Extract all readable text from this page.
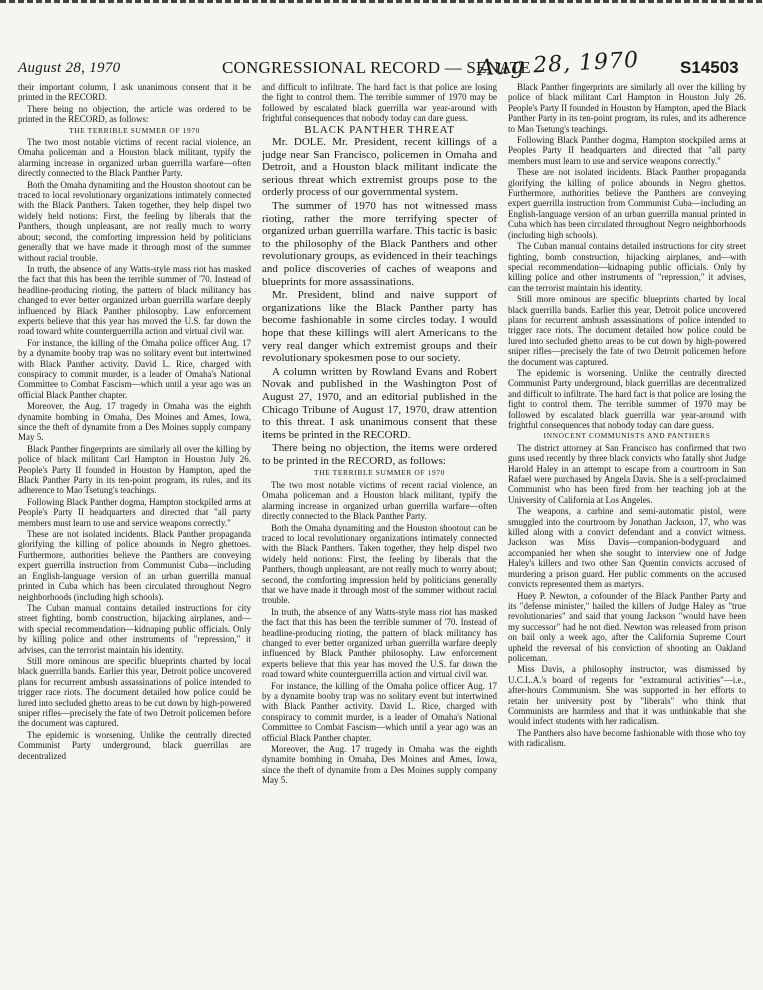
August 28, 1970	CONGRESSIONAL RECORD — SENATE
Aug 28, 1970 S14503

their important column, I ask unanimous consent that it be printed in the RECORD.

There being no objection, the article was ordered to be printed in the RECORD, as follows:

THE TERRIBLE SUMMER OF 1970

The two most notable victims of recent racial violence, an Omaha policeman and a Houston black militant, typify the alarming increase in organized urban guerrilla warfare—often directly connected to the Black Panther Party.

Both the Omaha dynamiting and the Houston shootout can be traced to local revolutionary organizations intimately connected with the Black Panthers. Taken together, they help dispel two widely held notions: First, the feeling by liberals that the Panthers, though unpleasant, are not really much to worry about; second, the comforting impression held by politicians generally that we have made it through most of the summer without racial trouble.

In truth, the absence of any Watts-style mass riot has masked the fact that this has been the terrible summer of '70. Instead of headline-producing rioting, the pattern of black militancy has changed to ever better organized urban guerrilla warfare deeply influenced by Black Panther philosophy. Law enforcement experts believe that this year has moved the U.S. far down the road toward white counterguerrilla action and virtual civil war.

For instance, the killing of the Omaha police officer Aug. 17 by a dynamite booby trap was no solitary event but intertwined with Black Panther activity. David L. Rice, charged with conspiracy to commit murder, is a leader of Omaha's National Committee to Combat Fascism—which until a year ago was an official Black Panther chapter.

Moreover, the Aug. 17 tragedy in Omaha was the eighth dynamite bombing in Omaha, Des Moines and Ames, Iowa, since the theft of dynamite from a Des Moines supply company May 5.

Black Panther fingerprints are similarly all over the killing by police of black militant Carl Hampton in Houston July 26. People's Party II founded in Houston by Hampton, aped the Black Panther Party in its ten-point program, its rules, and its adherence to Mao Tsetung's teachings.

Following Black Panther dogma, Hampton stockpiled arms at People's Party II headquarters and directed that "all party members must learn to use and service weapons correctly."

These are not isolated incidents. Black Panther propaganda glorifying the killing of police abounds in Negro ghettoes. Furthermore, authorities believe the Panthers are conveying expert guerrilla instruction from Communist Cuba—including an English-language version of an urban guerrilla manual printed in Cuba which has been circulated throughout Negro neighborhoods (including high schools).

The Cuban manual contains detailed instructions for city street fighting, bomb construction, hijacking airplanes, and—with special recommendation—kidnaping public officials. Only by killing police and other instruments of "repression," it advises, can the terrorist maintain his identity.

Still more ominous are specific blueprints charted by local black guerrilla bands. Earlier this year, Detroit police uncovered plans for recurrent ambush assassinations of police intended to trigger race riots. The document detailed how police could be lured into secluded ghetto areas to be cut down by high-powered sniper rifles—precisely the fate of two Detroit policemen before the document was captured.

The epidemic is worsening. Unlike the centrally directed Communist Party underground, black guerrillas are decentralized

and difficult to infiltrate. The hard fact is that police are losing the fight to control them. The terrible summer of 1970 may be followed by escalated black guerrilla war year-around with frightful consequences that nobody today can dare guess.

BLACK PANTHER THREAT

Mr. DOLE. Mr. President, recent killings of a judge near San Francisco, policemen in Omaha and Detroit, and a Houston black militant indicate the serious threat which extremist groups pose to the orderly process of our governmental system.

The summer of 1970 has not witnessed mass rioting, rather the more terrifying specter of organized urban guerrilla warfare. This tactic is basic to the philosophy of the Black Panthers and other revolutionary groups, as evidenced in their teachings and police discoveries of caches of weapons and blueprints for more assassinations.

Mr. President, blind and naive support of organizations like the Black Panther party has become fashionable in some circles today. I would hope that these killings will alert Americans to the very real danger which extremist groups and their revolutionary spokesmen pose to our society.

A column written by Rowland Evans and Robert Novak and published in the Washington Post of August 27, 1970, and an editorial published in the Chicago Tribune of August 17, 1970, draw attention to this threat. I ask unanimous consent that these items be printed in the RECORD.

There being no objection, the items were ordered to be printed in the RECORD, as follows:

THE TERRIBLE SUMMER OF 1970

The two most notable victims of recent racial violence, an Omaha policeman and a Houston black militant, typify the alarming increase in organized urban guerrilla warfare—often directly connected to the Black Panther Party.

Both the Omaha dynamiting and the Houston shootout can be traced to local revolutionary organizations intimately connected with the Black Panthers. Taken together, they help dispel two widely held notions: First, the feeling by liberals that the Panthers, though unpleasant, are not really much to worry about; second, the comforting impression held by politicians generally that we have made it through most of the summer without racial trouble.

In truth, the absence of any Watts-style mass riot has masked the fact that this has been the terrible summer of '70. Instead of headline-producing rioting, the pattern of black militancy has changed to ever better organized urban guerrilla warfare deeply influenced by Black Panther philosophy. Law enforcement experts believe that this year has moved the U.S. far down the road toward white counterguerrilla action and virtual civil war.

For instance, the killing of the Omaha police officer Aug. 17 by a dynamite booby trap was no solitary event but intertwined with Black Panther activity. David L. Rice, charged with conspiracy to commit murder, is a leader of Omaha's National Committee to Combat Fascism—which until a year ago was an official Black Panther chapter.

Moreover, the Aug. 17 tragedy in Omaha was the eighth dynamite bombing in Omaha, Des Moines and Ames, Iowa, since the theft of dynamite from a Des Moines supply company May 5.

Black Panther fingerprints are similarly all over the killing by police of black militant Carl Hampton in Houston July 26. People's Party II founded in Houston by Hampton, aped the Black Panther Party in its ten-point program, its rules, and its adherence to Mao Tsetung's teachings.

Following Black Panther dogma, Hampton stockpiled arms at Peoples Party II headquarters and directed that "all party members must learn to use and service weapons correctly."

These are not isolated incidents. Black Panther propaganda glorifying the killing of police abounds in Negro ghettos. Furthermore, authorities believe the Panthers are conveying expert guerrilla instruction from Communist Cuba—including an English-language version of an urban guerrilla manual printed in Cuba which has been circulated throughout Negro neighborhoods (including high schools).

The Cuban manual contains detailed instructions for city street fighting, bomb construction, hijacking airplanes, and—with special recommendation—kidnaping public officials. Only by killing police and other instruments of "repression," it advises, can the terrorist maintain his identity.

Still more ominous are specific blueprints charted by local black guerrilla bands. Earlier this year, Detroit police uncovered plans for recurrent ambush assassinations of police intended to trigger race riots. The document detailed how police could be lured into secluded ghetto areas to be cut down by high-powered sniper rifles—precisely the fate of two Detroit policemen before the document was captured.

The epidemic is worsening. Unlike the centrally directed Communist Party underground, black guerrillas are decentralized and difficult to infiltrate. The hard fact is that police are losing the fight to control them. The terrible summer of 1970 may be followed by escalated black guerrilla war year-around with frightful consequences that nobody today can dare guess.

INNOCENT COMMUNISTS AND PANTHERS

The district attorney at San Francisco has confirmed that two guns used recently by three black convicts who fatally shot Judge Harold Haley in an attempt to escape from a courtroom in San Rafael were purchased by Angela Davis. She is a self-proclaimed Communist who has been fired from her teaching job at the University of California at Los Angeles.

The weapons, a carbine and semi-automatic pistol, were smuggled into the courtroom by Jonathan Jackson, 17, who was killed along with a convict defendant and a convict witness. Jackson was Miss Davis—companion-bodyguard and accompanied her when she sought to interview one of Judge Haley's killers and two other San Quentin convicts accused of murdering a prison guard. Her public comments on the accused convicts represented them as martyrs.

Huey P. Newton, a cofounder of the Black Panther Party and its "defense minister," hailed the killers of Judge Haley as "true revolutionaries" and said that young Jackson "would have been my successor" had he not died. Newton was released from prison on bail only a week ago, after the California Supreme Court upheld the reversal of his conviction of shooting an Oakland policeman.

Miss Davis, a philosophy instructor, was dismissed by U.C.L.A.'s board of regents for "extramural activities"—i.e., after-hours Communism. She was supported in her efforts to retain her university post by "liberals" who think that Communists are harmless and that it was unthinkable that she would infect students with her radicalism.

The Panthers also have become fashionable with those who toy with radicalism.
